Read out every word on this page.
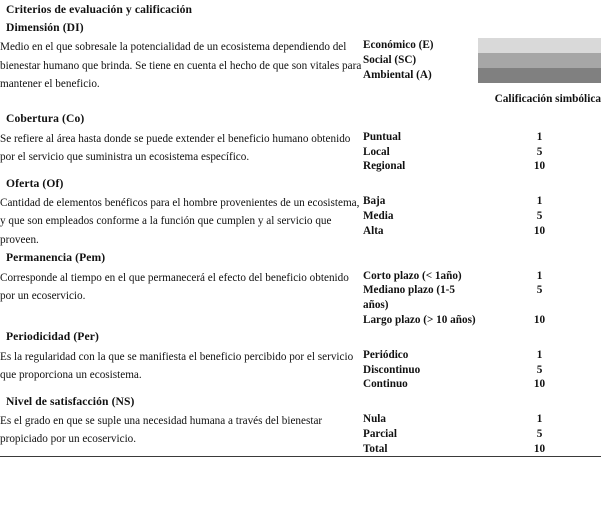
Criterios de evaluación y calificación
Dimensión (DI)
Medio en el que sobresale la potencialidad de un ecosistema dependiendo del bienestar humano que brinda. Se tiene en cuenta el hecho de que son vitales para mantener el beneficio.	
Económico (E)	

Social (SC)	

Ambiental (A)	

		Calificación simbólica
Cobertura (Co)
Se refiere al área hasta donde se puede extender el beneficio humano obtenido por el servicio que suministra un ecosistema específico.	
Puntual	1

Local	5

Regional	10

Oferta (Of)
Cantidad de elementos benéficos para el hombre provenientes de un ecosistema, y que son empleados conforme a la función que cumplen y al servicio que proveen.	
Baja	1

Media	5

Alta	10

Permanencia (Pem)
Corresponde al tiempo en el que permanecerá el efecto del beneficio obtenido por un ecoservicio.	
Corto plazo (< 1año)	1

Mediano plazo (1-5 años)	5

Largo plazo (> 10 años)	10

Periodicidad (Per)
Es la regularidad con la que se manifiesta el beneficio percibido por el servicio que proporciona un ecosistema.	
Periódico	1

Discontinuo	5

Continuo	10

Nivel de satisfacción (NS)
Es el grado en que se suple una necesidad humana a través del bienestar propiciado por un ecoservicio.	
Nula	1

Parcial	5

Total	10
